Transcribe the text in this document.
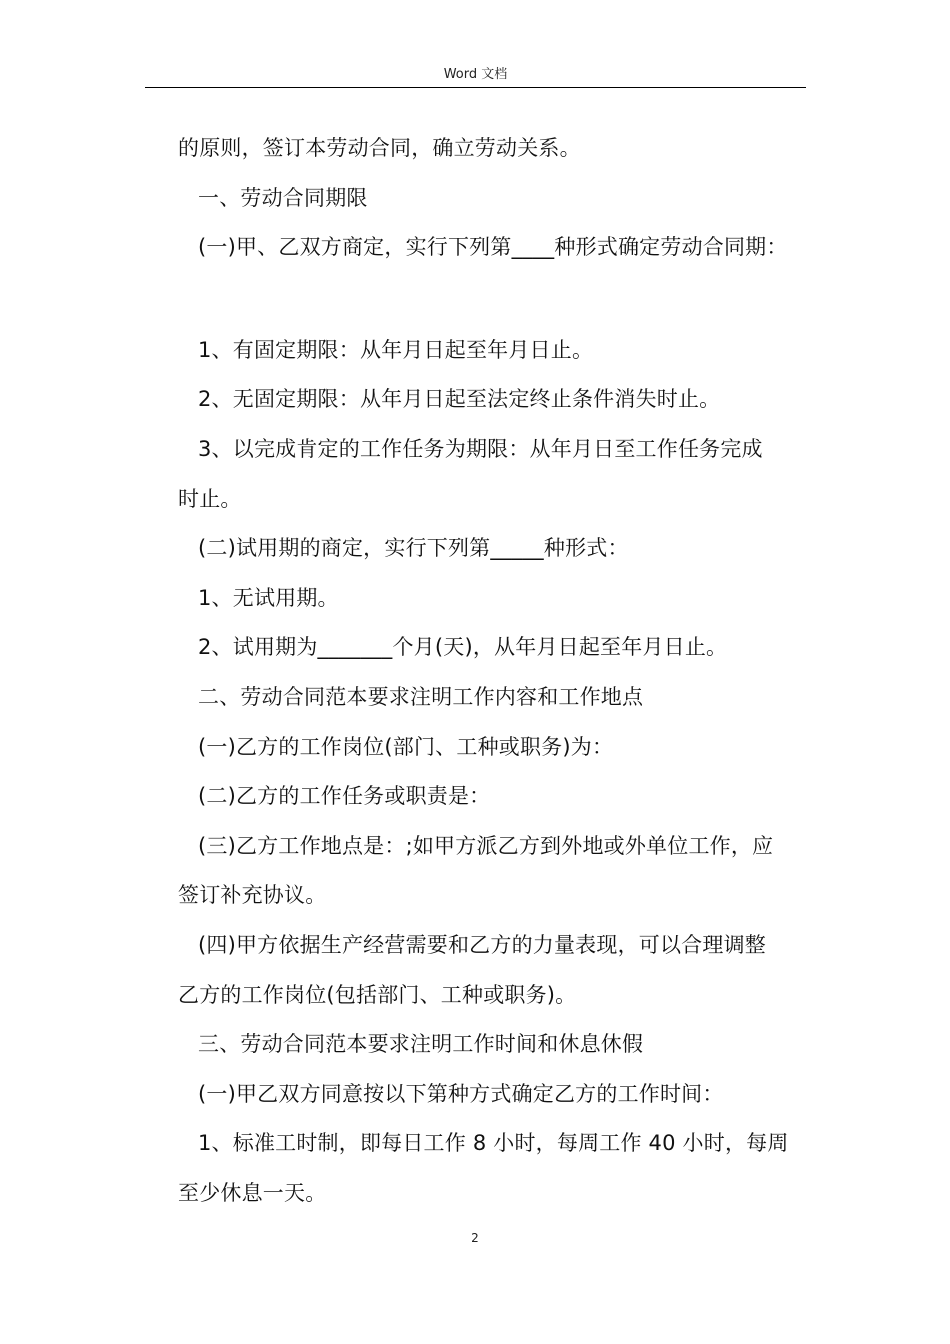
Word 文档

的原则，签订本劳动合同，确立劳动关系。

一、劳动合同期限

(一)甲、乙双方商定，实行下列第____种形式确定劳动合同期：

1、有固定期限：从年月日起至年月日止。

2、无固定期限：从年月日起至法定终止条件消失时止。

3、以完成肯定的工作任务为期限：从年月日至工作任务完成

时止。

(二)试用期的商定，实行下列第_____种形式：

1、无试用期。

2、试用期为_______个月(天)，从年月日起至年月日止。

二、劳动合同范本要求注明工作内容和工作地点

(一)乙方的工作岗位(部门、工种或职务)为：

(二)乙方的工作任务或职责是：

(三)乙方工作地点是：;如甲方派乙方到外地或外单位工作，应

签订补充协议。

(四)甲方依据生产经营需要和乙方的力量表现，可以合理调整

乙方的工作岗位(包括部门、工种或职务)。

三、劳动合同范本要求注明工作时间和休息休假

(一)甲乙双方同意按以下第种方式确定乙方的工作时间：

1、标准工时制，即每日工作 8 小时，每周工作 40 小时，每周

至少休息一天。

2
